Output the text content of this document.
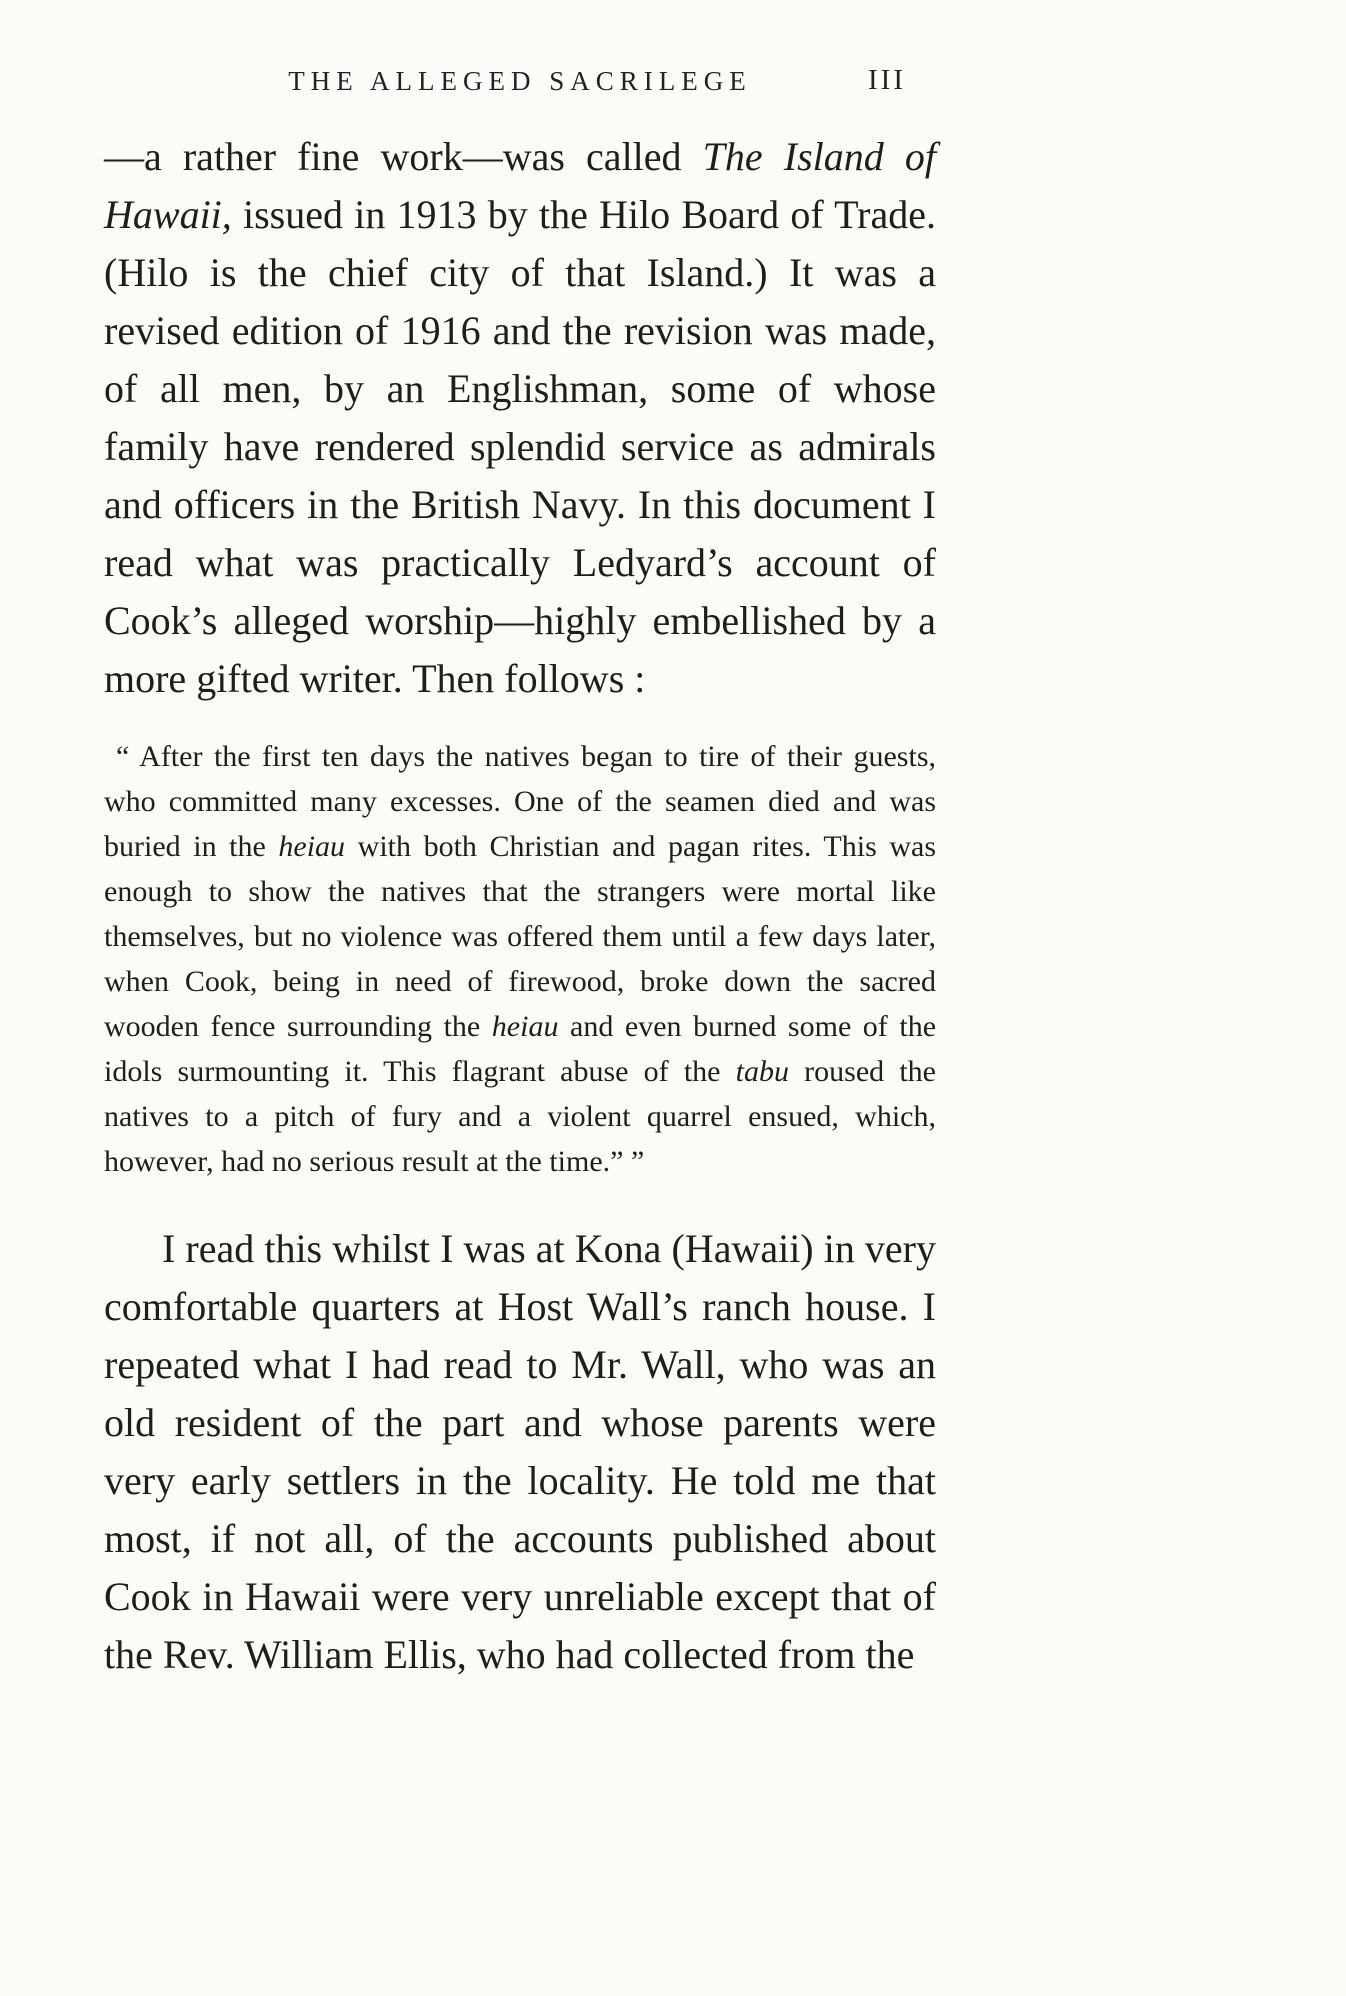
THE ALLEGED SACRILEGE	III

—a rather fine work—was called The Island of Hawaii, issued in 1913 by the Hilo Board of Trade. (Hilo is the chief city of that Island.) It was a revised edition of 1916 and the revision was made, of all men, by an Englishman, some of whose family have rendered splendid service as admirals and officers in the British Navy. In this document I read what was practically Ledyard’s account of Cook’s alleged worship—highly embellished by a more gifted writer. Then follows :

“ After the first ten days the natives began to tire of their guests, who committed many excesses. One of the seamen died and was buried in the heiau with both Christian and pagan rites. This was enough to show the natives that the strangers were mortal like themselves, but no violence was offered them until a few days later, when Cook, being in need of firewood, broke down the sacred wooden fence surrounding the heiau and even burned some of the idols surmounting it. This flagrant abuse of the tabu roused the natives to a pitch of fury and a violent quarrel ensued, which, however, had no serious result at the time.” ”

I read this whilst I was at Kona (Hawaii) in very comfortable quarters at Host Wall’s ranch house. I repeated what I had read to Mr. Wall, who was an old resident of the part and whose parents were very early settlers in the locality. He told me that most, if not all, of the accounts published about Cook in Hawaii were very unreliable except that of the Rev. William Ellis, who had collected from the
